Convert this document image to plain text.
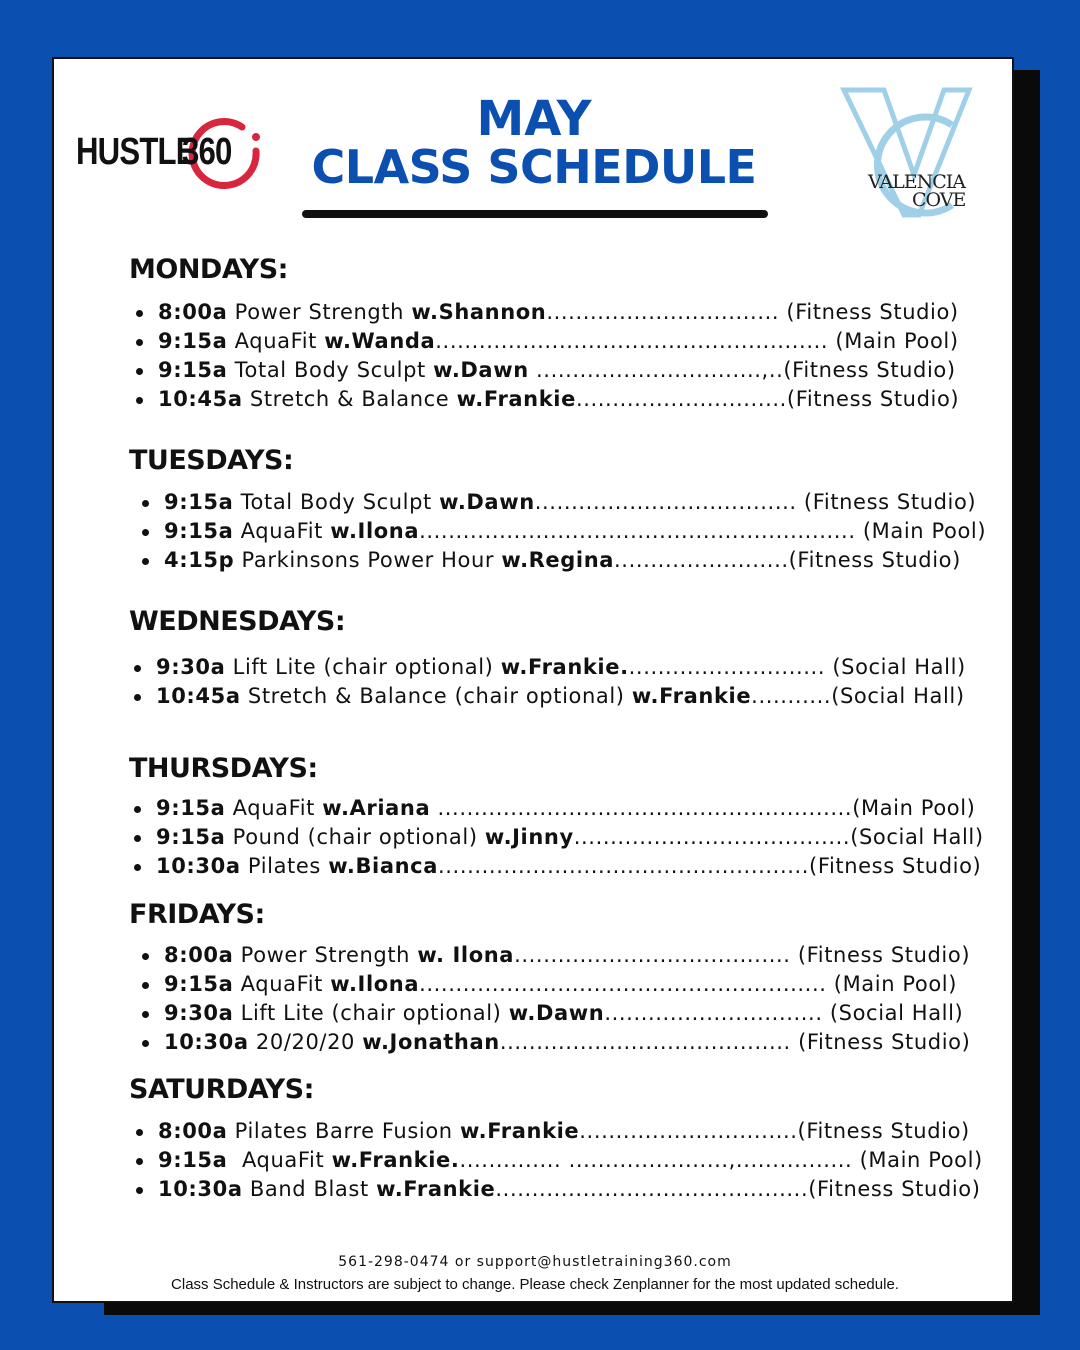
HUSTLE
360
MAY
CLASS SCHEDULE	VALENCIA
COVE
MONDAYS:
8:00a Power Strength w.Shannon................................ (Fitness Studio)
9:15a AquaFit w.Wanda...................................................... (Main Pool)
9:15a Total Body Sculpt w.Dawn ...............................,..(Fitness Studio)
10:45a Stretch & Balance w.Frankie.............................(Fitness Studio)
TUESDAYS:
9:15a Total Body Sculpt w.Dawn.................................... (Fitness Studio)
9:15a AquaFit w.Ilona............................................................ (Main Pool)
4:15p Parkinsons Power Hour w.Regina........................(Fitness Studio)
WEDNESDAYS:
9:30a Lift Lite (chair optional) w.Frankie............................ (Social Hall)
10:45a Stretch & Balance (chair optional) w.Frankie...........(Social Hall)
THURSDAYS:
9:15a AquaFit w.Ariana .........................................................(Main Pool)
9:15a Pound (chair optional) w.Jinny......................................(Social Hall)
10:30a Pilates w.Bianca...................................................(Fitness Studio)
FRIDAYS:
8:00a Power Strength w. Ilona...................................... (Fitness Studio)
9:15a AquaFit w.Ilona........................................................ (Main Pool)
9:30a Lift Lite (chair optional) w.Dawn.............................. (Social Hall)
10:30a 20/20/20 w.Jonathan........................................ (Fitness Studio)
SATURDAYS:
8:00a Pilates Barre Fusion w.Frankie..............................(Fitness Studio)
9:15a  AquaFit w.Frankie............... ......................,................ (Main Pool)
10:30a Band Blast w.Frankie...........................................(Fitness Studio)
561-298-0474 or support@hustletraining360.com
Class Schedule & Instructors are subject to change. Please check Zenplanner for the most updated schedule.
